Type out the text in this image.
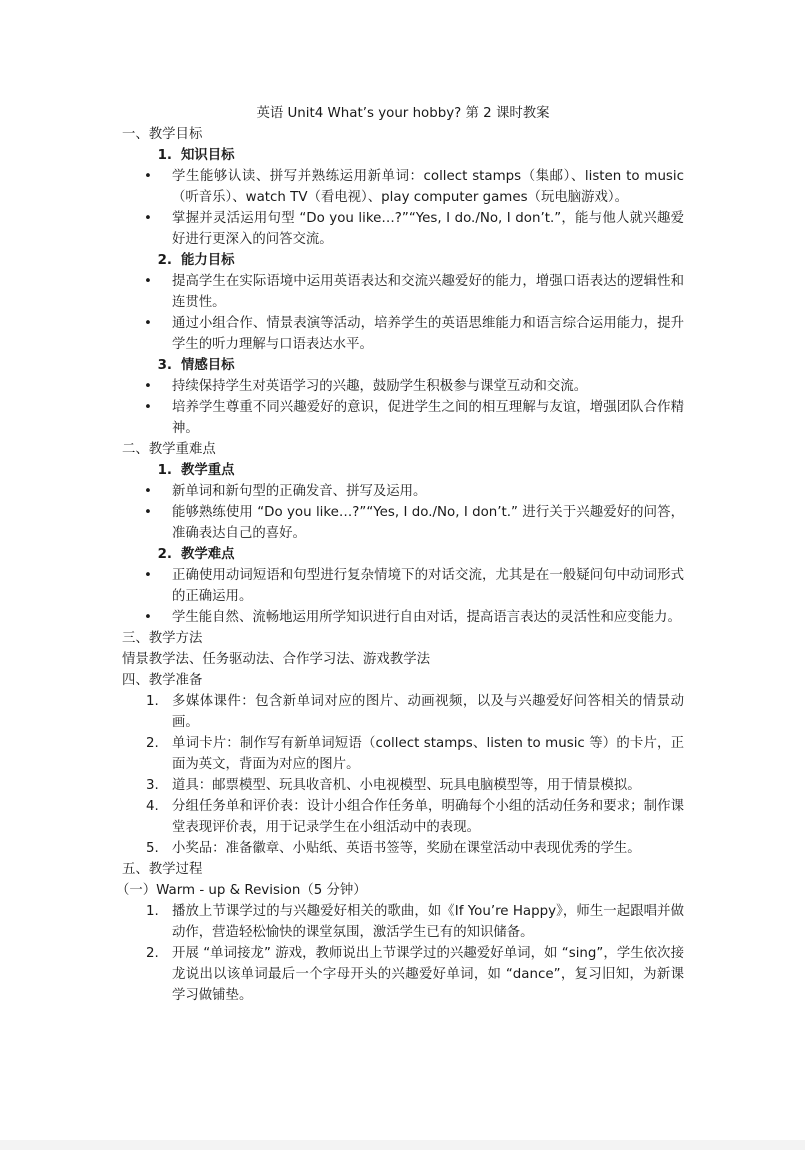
英语 Unit4 What’s your hobby? 第 2 课时教案
一、教学目标
1. 知识目标
•	学生能够认读、拼写并熟练运用新单词：collect stamps（集邮）、listen to music（听音乐）、watch TV（看电视）、play computer games（玩电脑游戏）。
•	掌握并灵活运用句型 “Do you like…?”“Yes, I do./No, I don’t.”，能与他人就兴趣爱好进行更深入的问答交流。
2. 能力目标
•	提高学生在实际语境中运用英语表达和交流兴趣爱好的能力，增强口语表达的逻辑性和连贯性。
•	通过小组合作、情景表演等活动，培养学生的英语思维能力和语言综合运用能力，提升学生的听力理解与口语表达水平。
3. 情感目标
•	持续保持学生对英语学习的兴趣，鼓励学生积极参与课堂互动和交流。
•	培养学生尊重不同兴趣爱好的意识，促进学生之间的相互理解与友谊，增强团队合作精神。
二、教学重难点
1. 教学重点
•	新单词和新句型的正确发音、拼写及运用。
•	能够熟练使用 “Do you like…?”“Yes, I do./No, I don’t.” 进行关于兴趣爱好的问答，准确表达自己的喜好。
2. 教学难点
•	正确使用动词短语和句型进行复杂情境下的对话交流，尤其是在一般疑问句中动词形式的正确运用。
•	学生能自然、流畅地运用所学知识进行自由对话，提高语言表达的灵活性和应变能力。
三、教学方法
情景教学法、任务驱动法、合作学习法、游戏教学法
四、教学准备
1. 多媒体课件：包含新单词对应的图片、动画视频，以及与兴趣爱好问答相关的情景动画。
2. 单词卡片：制作写有新单词短语（collect stamps、listen to music 等）的卡片，正面为英文，背面为对应的图片。
3. 道具：邮票模型、玩具收音机、小电视模型、玩具电脑模型等，用于情景模拟。
4. 分组任务单和评价表：设计小组合作任务单，明确每个小组的活动任务和要求；制作课堂表现评价表，用于记录学生在小组活动中的表现。
5. 小奖品：准备徽章、小贴纸、英语书签等，奖励在课堂活动中表现优秀的学生。
五、教学过程
（一）Warm - up & Revision（5 分钟）
1. 播放上节课学过的与兴趣爱好相关的歌曲，如《If You’re Happy》，师生一起跟唱并做动作，营造轻松愉快的课堂氛围，激活学生已有的知识储备。
2. 开展 “单词接龙” 游戏，教师说出上节课学过的兴趣爱好单词，如 “sing”，学生依次接龙说出以该单词最后一个字母开头的兴趣爱好单词，如 “dance”，复习旧知，为新课学习做铺垫。
